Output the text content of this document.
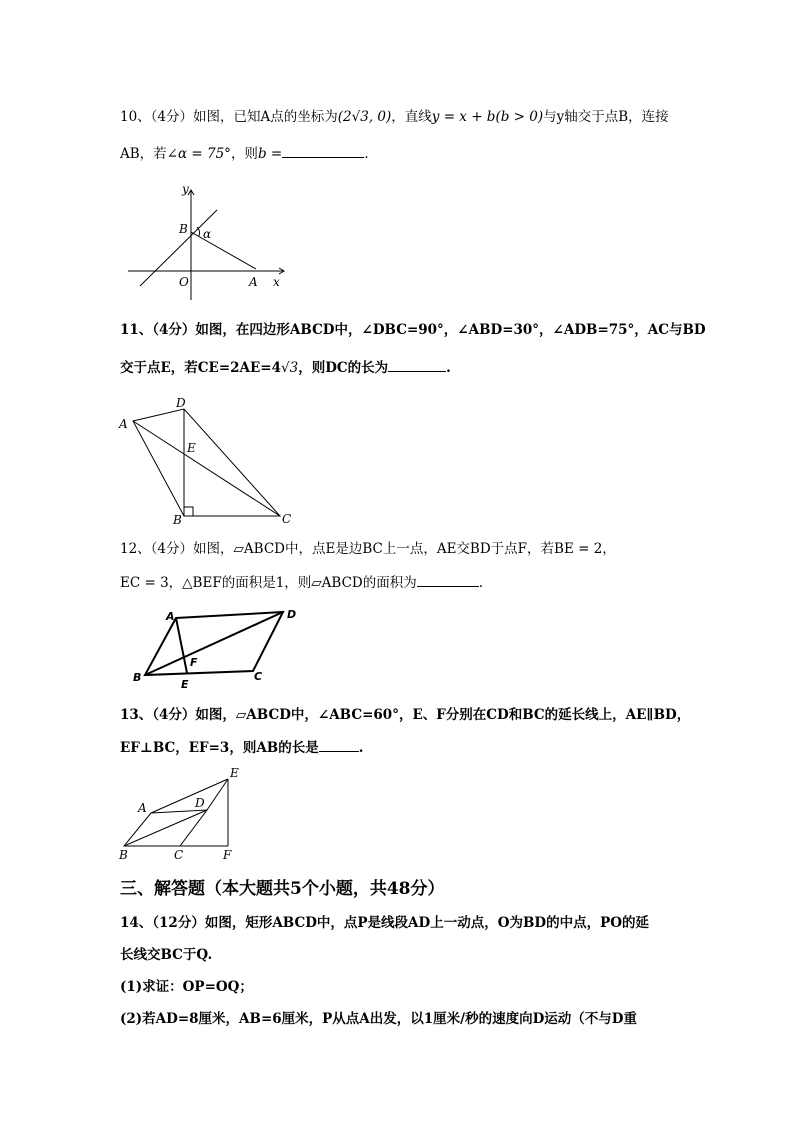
10、（4分）如图，已知A点的坐标为(2√3, 0)，直线y = x + b(b > 0)与y轴交于点B，连接
AB，若∠α = 75°，则b =	.
y
B α
O	A x
11、（4分）如图，在四边形ABCD中，∠DBC=90°，∠ABD=30°，∠ADB=75°，AC与BD
交于点E，若CE=2AE=4√3，则DC的长为	.
A
D
E
B	C
12、（4分）如图，▱ABCD中，点E是边BC上一点，AE交BD于点F，若BE = 2，
EC = 3，△BEF的面积是1，则▱ABCD的面积为	.
A	D
F
B
E
C
13、（4分）如图，▱ABCD中，∠ABC=60°，E、F分别在CD和BC的延长线上，AE∥BD，
EF⊥BC，EF=3，则AB的长是	.
E
A	D
B	C	F
三、解答题（本大题共5个小题，共48分）
14、（12分）如图，矩形ABCD中，点P是线段AD上一动点，O为BD的中点，PO的延
长线交BC于Q.
(1)求证：OP=OQ；
(2)若AD=8厘米，AB=6厘米，P从点A出发，以1厘米/秒的速度向D运动（不与D重
